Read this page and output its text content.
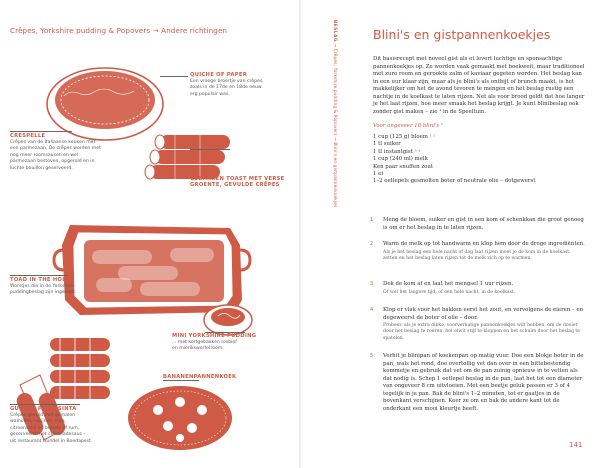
Crêpes, Yorkshire pudding & Popovers → Andere richtingen
QUICHE OF PAPER
Een vroege broertje van crêpes,
zoals in de 17de en 18de eeuw
erg populair was.
CRESPELLE
Crêpes van de Italiaanse keuken met
een parmezaan. De crêpes worden met
nog meer roomsausen en wel
parmezaan bestoven, opgerold en in
luchte bouillon geserveerd.
GEBAKKEN TOAST MET VERSE GROENTE, GEVULDE CRÊPES
TOAD IN THE HOLE
Worstjes die in de Yorkshire-
puddingbeslag zijn ingebakt.
MINI YORKSHIRE PUDDING
... met kortgebakken rosbief
en mierikswortelroom.
BANANENPANNENKOEK
GUNDEL PALACSINTA
Crêpes gevuld met gemalen
walnoten, rozijnen, rum,
citroenschil en brandy of rum,
geserveerd met chocoladesaus –
uit restaurant Gundel in Boedapest.
BESLAG → Crêpes, Yorkshire pudding & Popovers → Blini's en gistpannenkoekjes
Blini's en gistpannenkoekjes

Dit basisrecept met noveel gist als et levert luchtige en sponsachtige pannenkoekjes op. Ze worden vaak gemaakt met boekweit, maar traditioneel met zure room en gerookte zalm of kaviaar gegeten worden. Het beslag kan in een uur klaar zijn, maar als je blini's als ontbijt of brunch maakt, is het makkelijker om het de avond tevoren te mengen en het beslag rustig een nachtje in de koelkast te laten rijzen. Net als voor brood geldt dat hoe langer je het laat rijzen, hoe meer smaak het beslag krijgt. Je kunt blinibeslag ook zonder gist maken – zie ¹ in de Speeltuin.

Voor ongeveer 18 blini's ⁶
1 cup (125 g) bloem ¹ ²
1 tl suiker
1 tl instantgist ³ ⁴
1 cup (240 ml) melk
Ken paar snuffen zout
1 ei
1–2 eetlepels gesmolten boter of neutrale olie – dotgewerst
1 Meng de bloem, suiker en gist in een kom of schenkkan die groot genoeg is om er het beslag in te laten rijzen.

2 Warm de melk op tot handwarm en klop hem door de droge ingrediënten.

Als je het beslag een hele nacht of dag laat rijzen moet je de kom in de koelkast zetten en het beslag laten rijzen tot de melk zich op te warmen.

3 Dek de kom af en laat het mengsel 1 uur rijzen.

Of wel het langere tijd, of een hele nacht, in de koelkast.

4 Klop er vlak voor het bakken eerst het zout, en vervolgens de eieren – en degeweerst de boter of olie – door.

Probeer, als je extra dikke, voorverkatige pannenkoekjes wilt hebben, om de dooier door het beslag te roeren, het eiwit stijf te kloppen en het schuim door het beslag te spatelen.

5 Verhit je blinipan of koekenpan op matig vuur. Doe een blokje boter in de pan, wals het rond, doe overtollig vet dan over in een bittebestendig kommetje en gebruik dat vet om de pan zuinig opnieuw in te vetten als dat nodig is. Schep 1 eetlepel beslag in de pan, laat het tot een diameter van ongeveer 8 cm uitvloeien. Met een beetje geluk passen er 3 of 4 tegelijk in je pan. Bak de blini's 1–2 minuten, tot er gaatjes in de bovenkant verschijnen. Keer ze om en bak de andere kant tot de onderkant een mooi kleurtje heeft.

141
